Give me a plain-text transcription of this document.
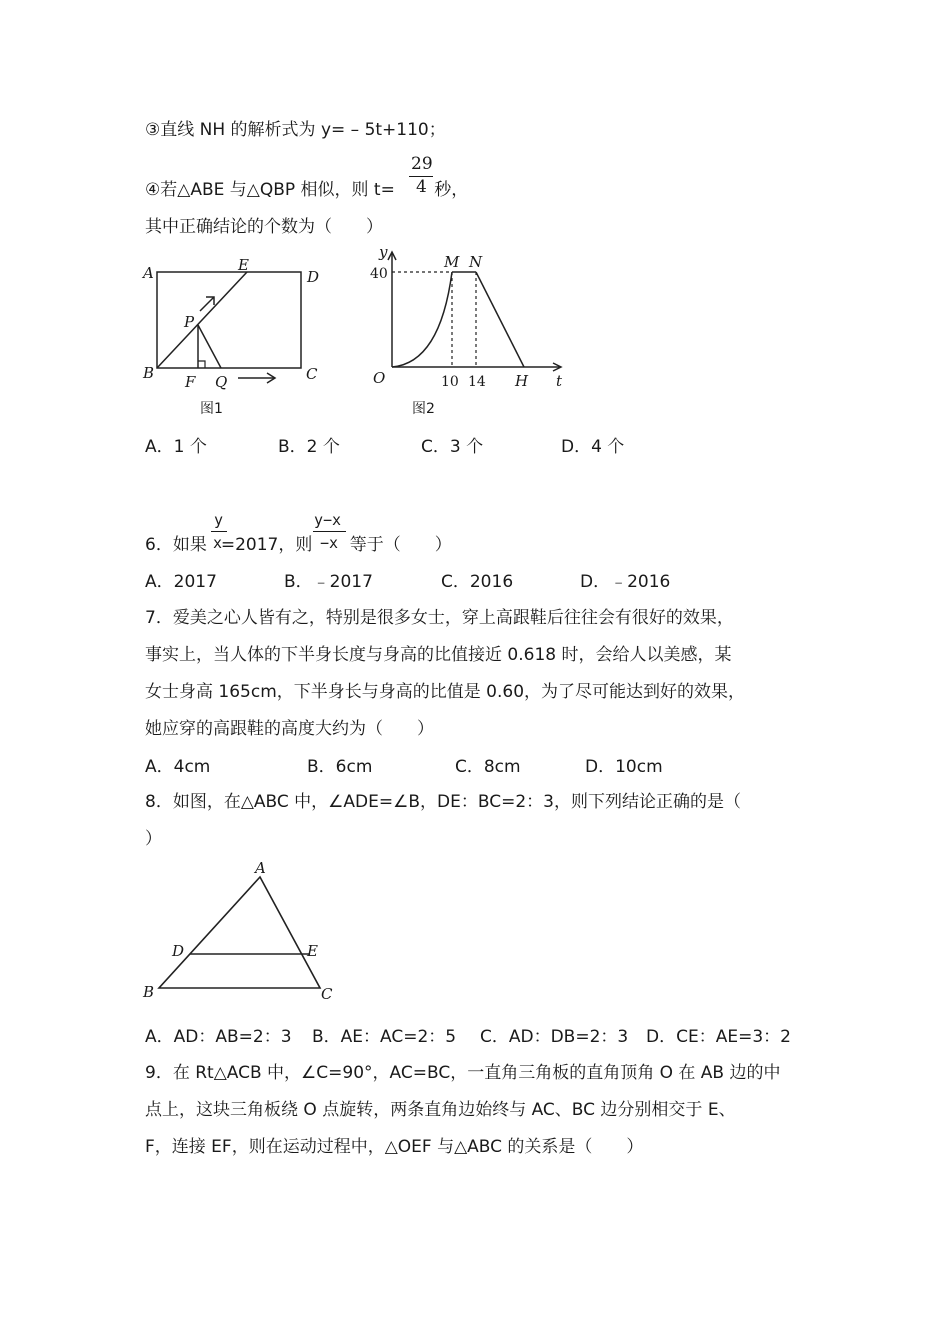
③直线 NH 的解析式为 y= – 5t+110；
④若△ABE 与△QBP 相似，则 t= 秒，
29
4
其中正确结论的个数为（　　）
A	E
D
P
B F Q	C
图1
y
M N
40
O	10 14 H t
图2
A．1 个	B．2 个	C．3 个	D．4 个
y
x
y−x
−x
6．如果 =2017，则 等于（　　）
A．2017	B．﹣2017	C．2016	D．﹣2016
7．爱美之心人皆有之，特别是很多女士，穿上高跟鞋后往往会有很好的效果，
事实上，当人体的下半身长度与身高的比值接近 0.618 时，会给人以美感，某
女士身高 165cm，下半身长与身高的比值是 0.60，为了尽可能达到好的效果，
她应穿的高跟鞋的高度大约为（　　）
A．4cm	B．6cm	C．8cm	D．10cm
8．如图，在△ABC 中，∠ADE=∠B，DE：BC=2：3，则下列结论正确的是（
）
A
D	E
B	C
A．AD：AB=2：3 B．AE：AC=2：5 C．AD：DB=2：3 D．CE：AE=3：2
9．在 Rt△ACB 中，∠C=90°，AC=BC，一直角三角板的直角顶角 O 在 AB 边的中
点上，这块三角板绕 O 点旋转，两条直角边始终与 AC、BC 边分别相交于 E、
F，连接 EF，则在运动过程中，△OEF 与△ABC 的关系是（　　）
